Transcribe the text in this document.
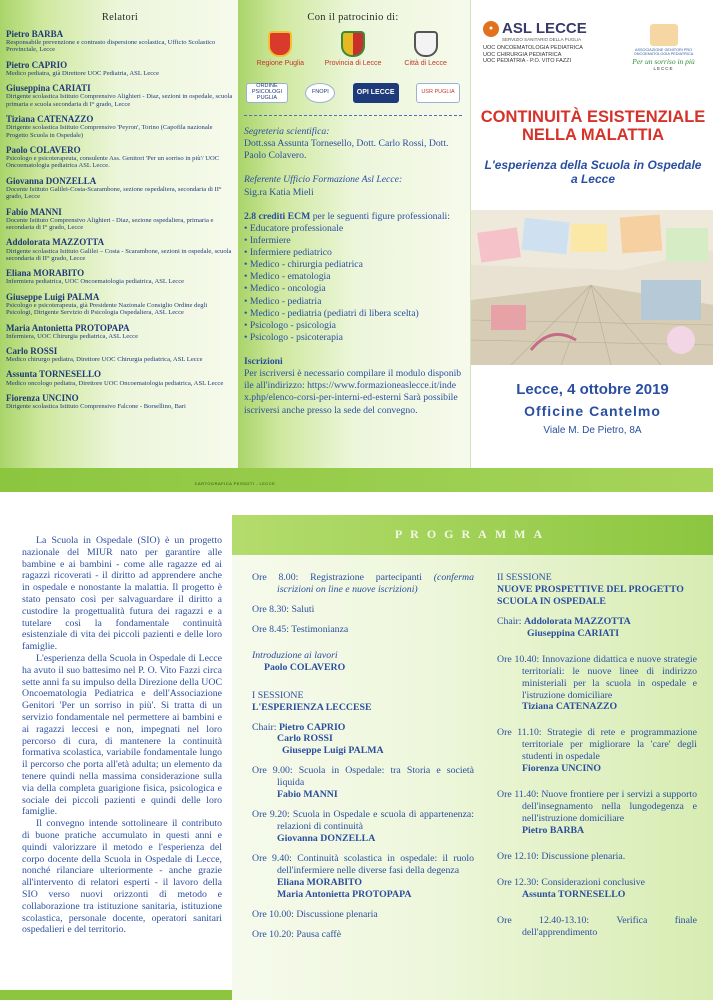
Relatori
Pietro BARBA
Responsabile prevenzione e contrasto dispersione scolastica, Ufficio Scolastico Provinciale, Lecce
Pietro CAPRIO
Medico pediatra, già Direttore UOC Pediatria, ASL Lecce
Giuseppina CARIATI
Dirigente scolastica Istituto Comprensivo Alighieri - Diaz, sezioni in ospedale, scuola primaria e scuola secondaria di I° grado, Lecce
Tiziana CATENAZZO
Dirigente scolastica Istituto Comprensivo 'Peyron', Torino (Capofila nazionale Progetto Scuola in Ospedale)
Paolo COLAVERO
Psicologo e psicoterapeuta, consulente Ass. Genitori 'Per un sorriso in più'/ UOC Oncoematologia pediatrica ASL Lecce.
Giovanna DONZELLA
Docente Istituto Galilei-Costa-Scarambone, sezione ospedaliera, secondaria di II° grado, Lecce
Fabio MANNI
Docente Istituto Comprensivo Alighieri - Diaz, sezione ospedaliera, primaria e secondaria di I° grado, Lecce
Addolorata MAZZOTTA
Dirigente scolastica Istituto Galilei – Costa - Scarambone, sezioni in ospedale, scuola secondaria di II° grado, Lecce
Eliana MORABITO
Infermiera pediatrica, UOC Oncoematologia pediatrica, ASL Lecce
Giuseppe Luigi PALMA
Psicologo e psicoterapeuta, già Presidente Nazionale Consiglio Ordine degli Psicologi, Dirigente Servizio di Psicologia Ospedaliera, ASL Lecce
Maria Antonietta PROTOPAPA
Infermiera, UOC Chirurgia pediatrica, ASL Lecce
Carlo ROSSI
Medico chirurgo pediatra, Direttore UOC Chirurgia pediatrica, ASL Lecce
Assunta TORNESELLO
Medico oncologo pediatra, Direttore UOC Oncoematologia pediatrica, ASL Lecce
Fiorenza UNCINO
Dirigente scolastica Istituto Comprensivo Falcone - Borsellino, Bari
Con il patrocinio di:
Regione Puglia	Provincia di Lecce	Città di Lecce
ORDINE PSICOLOGI PUGLIA
FNOPI	OPI LECCE	USR PUGLIA
Segreteria scientifica:
Dott.ssa Assunta Tornesello, Dott. Carlo Rossi, Dott. Paolo Colavero.
Referente Ufficio Formazione Asl Lecce:
Sig.ra Katia Mieli
2.8 crediti ECM per le seguenti figure professionali:
• Educatore professionale
• Infermiere
• Infermiere pediatrico
• Medico - chirurgia pediatrica
• Medico - ematologia
• Medico - oncologia
• Medico - pediatria
• Medico - pediatria (pediatri di libera scelta)
• Psicologo - psicologia
• Psicologo - psicoterapia
Iscrizioni
Per iscriversi è necessario compilare il modulo disponibile all'indirizzo: https://www.formazioneaslecce.it/index.php/elenco-corsi-per-interni-ed-esterni Sarà possibile iscriversi anche presso la sede del convegno.
● ASL LECCE
SERVIZIO SANITARIO DELLA PUGLIA
UOC ONCOEMATOLOGIA PEDIATRICA
UOC CHIRURGIA PEDIATRICA
UOC PEDIATRIA - P.O. VITO FAZZI
ASSOCIAZIONE GENITORI PRO ONCOEMATOLOGIA PEDIATRICA
Per un sorriso in più
LECCE
CONTINUITÀ ESISTENZIALE
NELLA MALATTIA
L'esperienza della Scuola in Ospedale
a Lecce
Lecce, 4 ottobre 2019
Officine Cantelmo
Viale M. De Pietro, 8A
CARTOGRAFICA PESSOTI - LECCE

La Scuola in Ospedale (SIO) è un progetto nazionale del MIUR nato per garantire alle bambine e ai bambini - come alle ragazze ed ai ragazzi ricoverati - il diritto ad apprendere anche in ospedale e nonostante la malattia. Il progetto è stato pensato così per salvaguardare il diritto a custodire la progettualità futura dei ragazzi e a tutelare così la fondamentale continuità esistenziale di vita dei piccoli pazienti e delle loro famiglie.

L'esperienza della Scuola in Ospedale di Lecce ha avuto il suo battesimo nel P. O. Vito Fazzi circa sette anni fa su impulso della Direzione della UOC Oncoematologia Pediatrica e dell'Associazione Genitori 'Per un sorriso in più'. Si tratta di un servizio fondamentale nel permettere ai bambini e ai ragazzi leccesi e non, impegnati nel loro percorso di cura, di mantenere la continuità formativa scolastica, variabile fondamentale lungo il percorso che porta all'età adulta; un elemento da tenere quindi nella massima considerazione sulla via della completa guarigione fisica, psicologica e sociale dei piccoli pazienti e quindi delle loro famiglie.

Il convegno intende sottolineare il contributo di buone pratiche accumulato in questi anni e quindi valorizzare il metodo e l'esperienza del corpo docente della Scuola in Ospedale di Lecce, nonché rilanciare ulteriormente - anche grazie all'intervento di relatori esperti - il lavoro della SIO verso nuovi orizzonti di metodo e collaborazione tra istituzione sanitaria, istituzione scolastica, personale docente, operatori sanitari ospedalieri e del territorio.

PROGRAMMA
Ore 8.00: Registrazione partecipanti (conferma iscrizioni on line e nuove iscrizioni)
Ore 8.30: Saluti
Ore 8.45: Testimonianza
Introduzione ai lavori
Paolo COLAVERO
I SESSIONE
L'ESPERIENZA LECCESE
Chair: Pietro CAPRIO
Carlo ROSSI
Giuseppe Luigi PALMA
Ore 9.00: Scuola in Ospedale: tra Storia e società liquida
Fabio MANNI
Ore 9.20: Scuola in Ospedale e scuola di appartenenza: relazioni di continuità
Giovanna DONZELLA
Ore 9.40: Continuità scolastica in ospedale: il ruolo dell'infermiere nelle diverse fasi della degenza
Eliana MORABITO
Maria Antonietta PROTOPAPA
Ore 10.00: Discussione plenaria
Ore 10.20: Pausa caffè
II SESSIONE
NUOVE PROSPETTIVE DEL PROGETTO SCUOLA IN OSPEDALE
Chair: Addolorata MAZZOTTA
Giuseppina CARIATI
Ore 10.40: Innovazione didattica e nuove strategie territoriali: le nuove linee di indirizzo ministeriali per la scuola in ospedale e l'istruzione domiciliare
Tiziana CATENAZZO
Ore 11.10: Strategie di rete e programmazione territoriale per migliorare la 'care' degli studenti in ospedale
Fiorenza UNCINO
Ore 11.40: Nuove frontiere per i servizi a supporto dell'insegnamento nella lungodegenza e nell'istruzione domiciliare
Pietro BARBA
Ore 12.10: Discussione plenaria.
Ore 12.30: Considerazioni conclusive
Assunta TORNESELLO
Ore 12.40-13.10: Verifica finale dell'apprendimento
